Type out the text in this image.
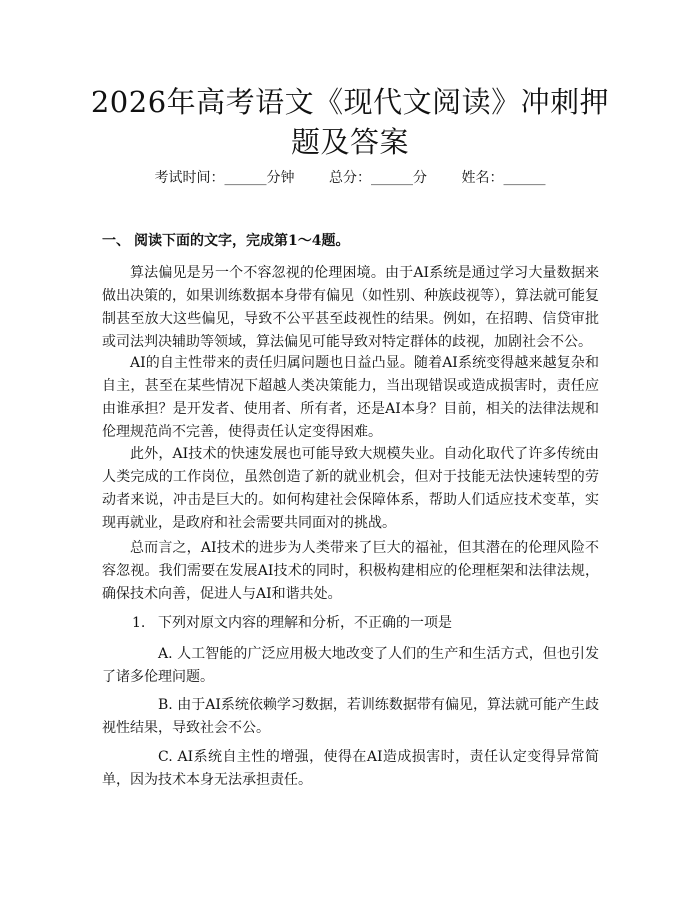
2026年高考语文《现代文阅读》冲刺押题及答案
考试时间：______分钟 总分：______分 姓名：______
一、 阅读下面的文字，完成第1～4题。

算法偏见是另一个不容忽视的伦理困境。由于AI系统是通过学习大量数据来做出决策的，如果训练数据本身带有偏见（如性别、种族歧视等），算法就可能复制甚至放大这些偏见，导致不公平甚至歧视性的结果。例如，在招聘、信贷审批或司法判决辅助等领域，算法偏见可能导致对特定群体的歧视，加剧社会不公。

AI的自主性带来的责任归属问题也日益凸显。随着AI系统变得越来越复杂和自主，甚至在某些情况下超越人类决策能力，当出现错误或造成损害时，责任应由谁承担？是开发者、使用者、所有者，还是AI本身？目前，相关的法律法规和伦理规范尚不完善，使得责任认定变得困难。

此外，AI技术的快速发展也可能导致大规模失业。自动化取代了许多传统由人类完成的工作岗位，虽然创造了新的就业机会，但对于技能无法快速转型的劳动者来说，冲击是巨大的。如何构建社会保障体系，帮助人们适应技术变革，实现再就业，是政府和社会需要共同面对的挑战。

总而言之，AI技术的进步为人类带来了巨大的福祉，但其潜在的伦理风险不容忽视。我们需要在发展AI技术的同时，积极构建相应的伦理框架和法律法规，确保技术向善，促进人与AI和谐共处。

1. 下列对原文内容的理解和分析，不正确的一项是

A. 人工智能的广泛应用极大地改变了人们的生产和生活方式，但也引发了诸多伦理问题。

B. 由于AI系统依赖学习数据，若训练数据带有偏见，算法就可能产生歧视性结果，导致社会不公。

C. AI系统自主性的增强，使得在AI造成损害时，责任认定变得异常简单，因为技术本身无法承担责任。
